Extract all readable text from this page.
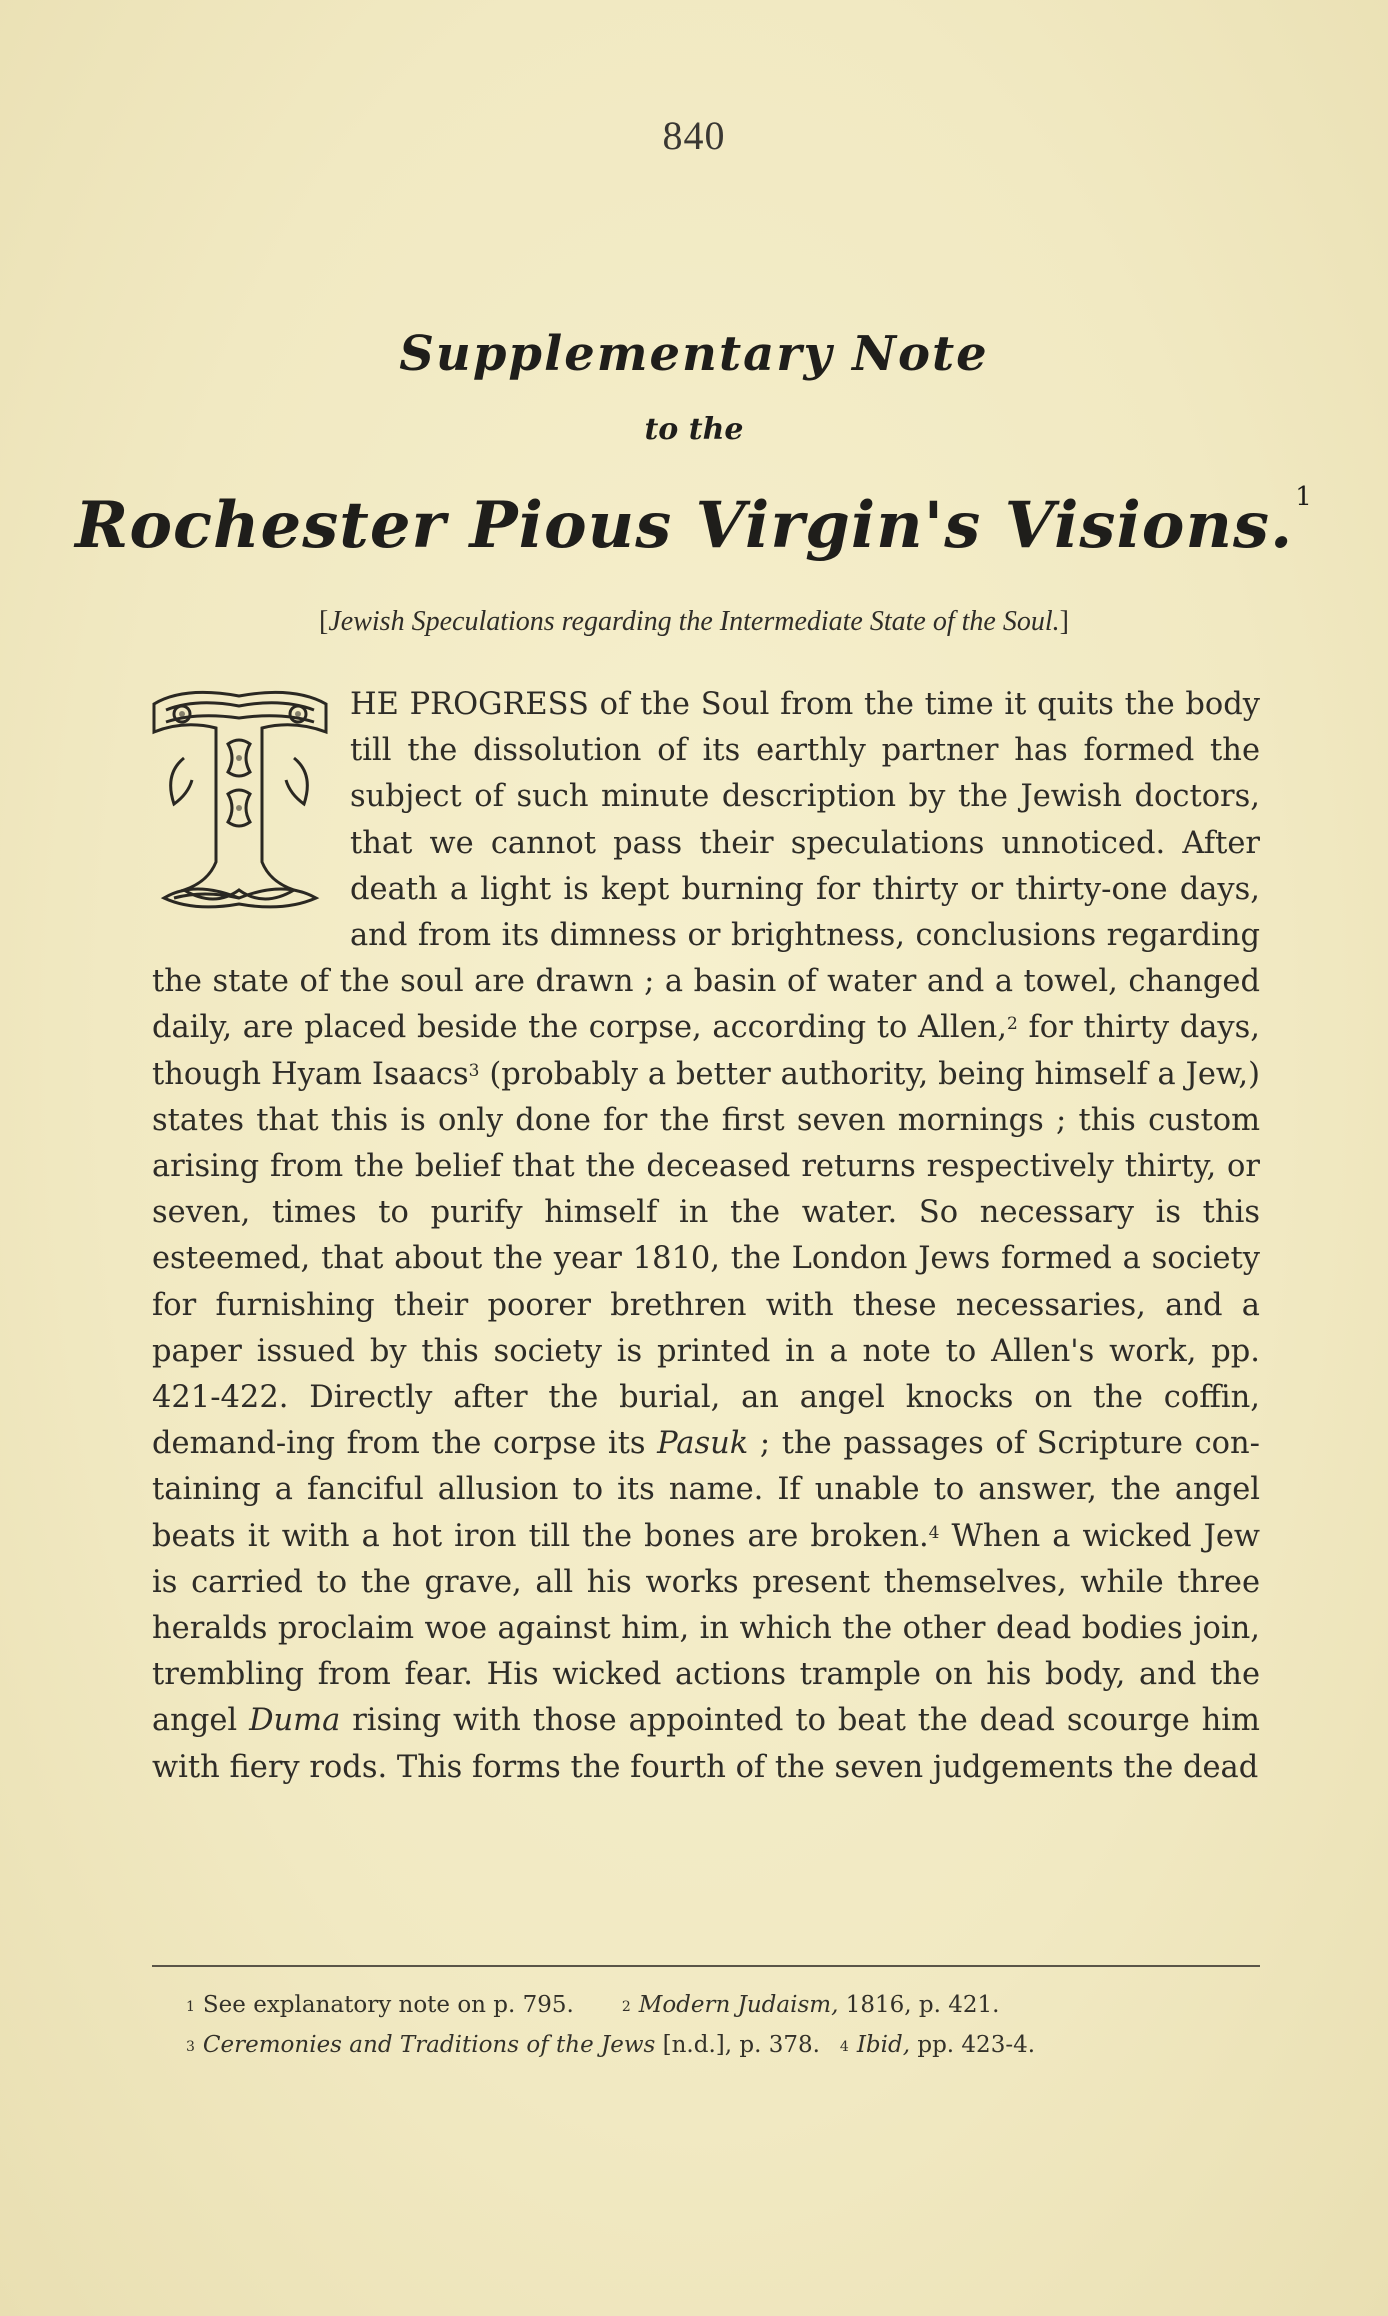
840
Supplementary Note
to the
Rochester Pious Virgin's Visions.$^1$
[Jewish Speculations regarding the Intermediate State of the Soul.]
HE PROGRESS of the Soul from the time it quits the body till the dissolution of its earthly partner has formed the subject of such minute description by the Jewish doctors, that we cannot pass their speculations unnoticed. After death a light is kept burning for thirty or thirty-one days, and from its dimness or brightness, conclusions regarding the state of the soul are drawn ; a basin of water and a towel, changed daily, are placed beside the corpse, according to Allen,$^2$ for thirty days, though Hyam Isaacs$^3$ (probably a better authority, being himself a Jew,) states that this is only done for the first seven mornings ; this custom arising from the belief that the deceased returns respectively thirty, or seven, times to purify himself in the water. So necessary is this esteemed, that about the year 1810, the London Jews formed a society for furnishing their poorer brethren with these necessaries, and a paper issued by this society is printed in a note to Allen's work, pp. 421-422. Directly after the burial, an angel knocks on the coffin, demand-ing from the corpse its Pasuk ; the passages of Scripture con-taining a fanciful allusion to its name. If unable to answer, the angel beats it with a hot iron till the bones are broken.$^4$ When a wicked Jew is carried to the grave, all his works present themselves, while three heralds proclaim woe against him, in which the other dead bodies join, trembling from fear. His wicked actions trample on his body, and the angel Duma rising with those appointed to beat the dead scourge him with fiery rods. This forms the fourth of the seven judgements the dead
$^1$ See explanatory note on p. 795.	$^2$ Modern Judaism, 1816, p. 421.
$^3$ Ceremonies and Traditions of the Jews [n.d.], p. 378. $^4$ Ibid, pp. 423-4.
